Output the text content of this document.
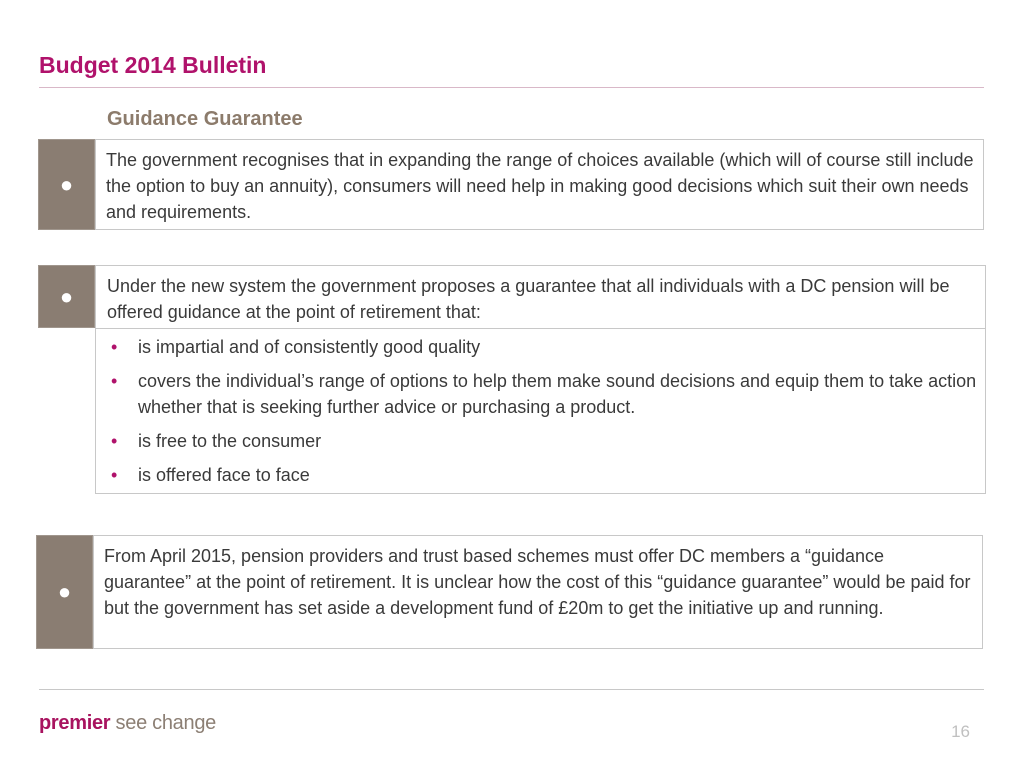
Budget 2014 Bulletin
Guidance Guarantee
●

The government recognises that in expanding the range of choices available (which will of course still include the option to buy an annuity), consumers will need help in making good decisions which suit their own needs and requirements.

●	Under the new system the government proposes a guarantee that all individuals with a DC pension will be offered guidance at the point of retirement that:

• is impartial and of consistently good quality
• covers the individual’s range of options to help them make sound decisions and equip them to take action whether that is seeking further advice or purchasing a product.
• is free to the consumer
• is offered face to face
●

From April 2015, pension providers and trust based schemes must offer DC members a “guidance guarantee” at the point of retirement. It is unclear how the cost of this “guidance guarantee” would be paid for but the government has set aside a development fund of £20m to get the initiative up and running.

premier see change	16
